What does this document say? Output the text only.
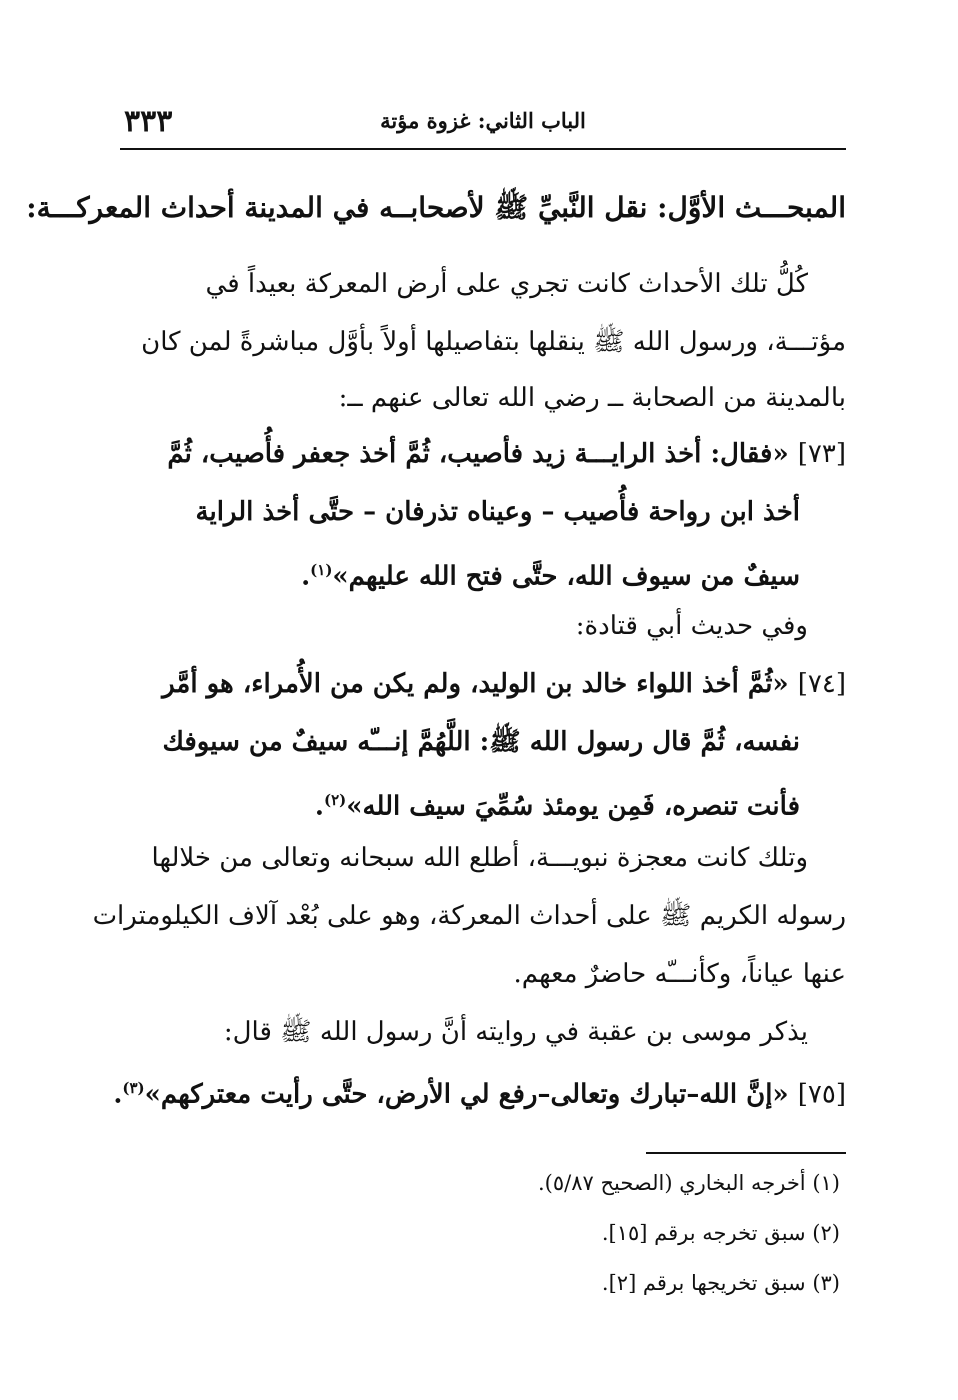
٣٣٣	الباب الثاني: غزوة مؤتة
المبحـــث الأوَّل: نقل النَّبيِّ ﷺ لأصحابــه في المدينة أحداث المعركـــة:
كُلُّ تلك الأحداث كانت تجري على أرض المعركة بعيداً في
مؤتـــة، ورسول الله ﷺ ينقلها بتفاصيلها أولاً بأوَّل مباشرةً لمن كان
بالمدينة من الصحابة ــ رضي الله تعالى عنهم ــ:
[٧٣] «فقال: أخذ الرايـــة زيد فأصيب، ثُمَّ أخذ جعفر فأُصيب، ثُمَّ
أخذ ابن رواحة فأُصيب – وعيناه تذرفان – حتَّى أخذ الراية
سيفٌ من سيوف الله، حتَّى فتح الله عليهم»$^{(١)}$.
وفي حديث أبي قتادة:
[٧٤] «ثُمَّ أخذ اللواء خالد بن الوليد، ولم يكن من الأُمراء، هو أمَّر
نفسه، ثُمَّ قال رسول الله ﷺ: اللَّهُمَّ إنـــّه سيفٌ من سيوفك
فأنت تنصره، فَمِن يومئذ سُمِّيَ سيف الله»$^{(٢)}$.
وتلك كانت معجزة نبويـــة، أطلع الله سبحانه وتعالى من خلالها
رسوله الكريم ﷺ على أحداث المعركة، وهو على بُعْد آلاف الكيلومترات
عنها عياناً، وكأنـــّه حاضرٌ معهم.
يذكر موسى بن عقبة في روايته أنَّ رسول الله ﷺ قال:
[٧٥] «إنَّ الله–تبارك وتعالى–رفع لي الأرض، حتَّى رأيت معتركهم»$^{(٣)}$.
(١) أخرجه البخاري (الصحيح ٥/٨٧).
(٢) سبق تخرجه برقم [١٥].
(٣) سبق تخريجها برقم [٢].
